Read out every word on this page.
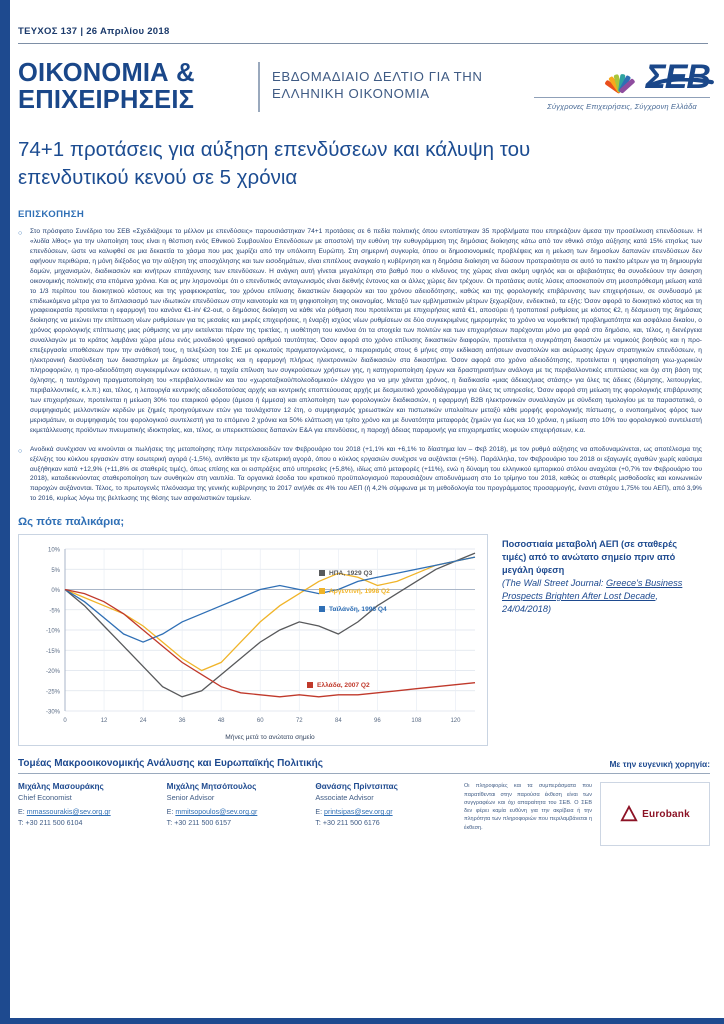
ΤΕΥΧΟΣ 137 | 26 Απριλίου 2018
ΟΙΚΟΝΟΜΙΑ & ΕΠΙΧΕΙΡΗΣΕΙΣ
ΕΒΔΟΜΑΔΙΑΙΟ ΔΕΛΤΙΟ ΓΙΑ ΤΗΝ ΕΛΛΗΝΙΚΗ ΟΙΚΟΝΟΜΙΑ	ΣΕΒ
Σύγχρονες Επιχειρήσεις, Σύγχρονη Ελλάδα
74+1 προτάσεις για αύξηση επενδύσεων και κάλυψη του επενδυτικού κενού σε 5 χρόνια
ΕΠΙΣΚΟΠΗΣΗ
○	Στο πρόσφατο Συνέδριο του ΣΕΒ «Σχεδιάζουμε το μέλλον με επενδύσεις» παρουσιάστηκαν 74+1 προτάσεις σε 6 πεδία πολιτικής όπου εντοπίστηκαν 35 προβλήματα που επηρεάζουν άμεσα την προσέλκυση επενδύσεων. Η «λυδία λίθος» για την υλοποίηση τους είναι η θέσπιση ενός Εθνικού Συμβουλίου Επενδύσεων με αποστολή την ευθύνη την ευθυγράμμιση της δημόσιας διοίκησης κάτω από τον εθνικό στόχο αύξησης κατά 15% ετησίως των επενδύσεων, ώστε να καλυφθεί σε μια δεκαετία το χάσμα που μας χωρίζει από την υπόλοιπη Ευρώπη. Στη σημερινή συγκυρία, όπου οι δημοσιονομικές προβλέψεις και η μείωση των δημοσίων δαπανών επενδύσεων δεν αφήνουν περιθώρια, η μόνη διέξοδος για την αύξηση της αποσχόλησης και των εισοδημάτων, είναι επιτέλους αναγκαίο η κυβέρνηση και η δημόσια διοίκηση να δώσουν προτεραιότητα σε αυτό το πακέτο μέτρων για τη δημιουργία δομών, μηχανισμών, διαδικασιών και κινήτρων επιτάχυνσης των επενδύσεων. Η ανάγκη αυτή γίνεται μεγαλύτερη στο βαθμό που ο κίνδυνος της χώρας είναι ακόμη υψηλός και οι αβεβαιότητες θα συνοδεύουν την άσκηση οικονομικής πολιτικής στα επόμενα χρόνια. Και ας μην λησμονούμε ότι ο επενδυτικός ανταγωνισμός είναι διεθνής έντονος και οι άλλες χώρες δεν τρέχουν. Οι προτάσεις αυτές λύσεις αποσκοπούν στη μεσοπρόθεσμη μείωση κατά το 1/3 περίπου του διοικητικού κόστους και της γραφειοκρατίας, του χρόνου επίλυσης δικαστικών διαφορών και του χρόνου αδειοδότησης, καθώς και της φορολογικής επιβάρυνσης των επιχειρήσεων, σε συνδυασμό με επιδιωκόμενα μέτρα για το διπλασιασμό των ιδιωτικών επενδύσεων στην καινοτομία και τη ψηφιοποίηση της οικονομίας. Μεταξύ των εμβληματικών μέτρων ξεχωρίζουν, ενδεικτικά, τα εξής: Όσον αφορά το διοικητικό κόστος και τη γραφειοκρατία προτείνεται η εφαρμογή του κανόνα €1-in/ €2-out, ο δημόσιος διοίκηση να κάθε νέα ρύθμιση που προτείνεται με επιχειρήσεις κατά €1, αποσύρει ή τροποποιεί ρυθμίσεις με κόστος €2, η δέσμευση της δημόσιας διοίκησης να μειώνει την επίπτωση νέων ρυθμίσεων για τις μεσαίες και μικρές επιχειρήσεις, η έναρξη ισχύος νέων ρυθμίσεων σε δύο συγκεκριμένες ημερομηνίες το χρόνο να νομοθετική προβληματότητα και ασφάλεια δικαίου, ο χρόνος φορολογικής επίπτωσης μιας ρύθμισης να μην εκτείνεται πέραν της τριετίας, η υιοθέτηση του κανόνα ότι τα στοιχεία των πολιτών και των επιχειρήσεων παρέχονται μόνο μια φορά στο δημόσιο, και, τέλος, η διενέργεια συναλλαγών με το κράτος λαμβάνει χώρα μέσω ενός μοναδικού ψηφιακού αριθμού ταυτότητας. Όσον αφορά στο χρόνο επίλυσης δικαστικών διαφορών, προτείνεται η συγκρότηση δικαστών με νομικούς βοηθούς και η προ-επεξεργασία υποθέσεων πριν την ανάθεσή τους, η τελεξιώση του ΣτΕ με ορκωτούς πραγματογνώμονες, ο περιορισμός στους 6 μήνες στην εκδίκαση αιτήσεων αναστολών και ακύρωσης έργων στρατηγικών επενδύσεων, η ηλεκτρονική διασύνδεση των δικαστηρίων με δημόσιες υπηρεσίες και η εφαρμογή πλήρως ηλεκτρονικών διαδικασιών στα δικαστήρια. Όσον αφορά στο χρόνο αδειοδότησης, προτείνεται η ψηφιοποίηση γεω-χωρικών πληροφοριών, η προ-αδειοδότηση συγκεκριμένων εκτάσεων, η ταχεία επίλυση των συγκρούσεων χρήσεων γης, η κατηγοριοποίηση έργων και δραστηριοτήτων ανάλογα με τις περιβαλλοντικές επιπτώσεις και όχι στη βάση της όχλησης, η ταυτόχρονη πραγματοποίηση του «περιβαλλοντικών και του «χωροταξικού/πολεοδομικού» ελέγχου για να μην χάνεται χρόνος, η διαδικασία «μιας άδειας/μιας στάσης» για όλες τις άδειες (δόμησης, λειτουργίας, περιβαλλοντικές, κ.λ.π.) και, τέλος, η λειτουργία κεντρικής αδειοδοτούσας αρχής και κεντρικής εποπτεύουσας αρχής με δεσμευτικό χρονοδιάγραμμα για όλες τις υπηρεσίες. Όσον αφορά στη μείωση της φορολογικής επιβάρυνσης των επιχειρήσεων, προτείνεται η μείωση 30% του εταιρικού φόρου (άμεσα ή έμμεσα) και απλοποίηση των φορολογικών διαδικασιών, η εφαρμογή B2B ηλεκτρονικών συναλλαγών με σύνδεση τιμολογίου με τα παραστατικά, ο συμψηφισμός μελλοντικών κερδών με ζημιές προηγούμενων ετών για τουλάχιστον 12 έτη, ο συμψηφισμός χρεωστικών και πιστωτικών υπολοίπων μεταξύ κάθε μορφής φορολογικής πίστωσης, ο ενοποιημένος φόρος των μερισμάτων, οι συμψηφισμός του φορολογικού συντελεστή για το επόμενο 2 χρόνια και 50% ελάττωση για τρίτο χρόνο και με δυνατότητα μεταφοράς ζημιών για έως και 10 χρόνια, η μείωση στο 10% του φορολογικού συντελεστή εκμετάλλευσης προϊόντων πνευματικής ιδιοκτησίας, και, τέλος, οι υπερεκπτώσεις δαπανών Ε&Α για επενδύσεις, η παροχή άδειας παραμονής για επιχειρηματίες νεοφυών επιχειρήσεων, κ.α.
○	Ανοδικά συνέχισαν να κινούνται οι πωλήσεις της μεταποίησης πλην πετρελαιοειδών τον Φεβρουάριο του 2018 (+1,1% και +6,1% το δίαστημα Ιαν – Φεβ 2018), με τον ρυθμό αύξησης να αποδυναμώνεται, ως αποτέλεσμα της εξέλιξης του κύκλου εργασιών στην εσωτερική αγορά (-1,5%), αντίθετα με την εξωτερική αγορά, όπου ο κύκλος εργασιών συνέχισε να αυξάνεται (+5%). Παράλληλα, τον Φεβρουάριο του 2018 οι εξαγωγές αγαθών χωρίς καύσιμα αυξήθηκαν κατά +12,9% (+11,8% σε σταθερές τιμές), όπως επίσης και οι εισπράξεις από υπηρεσίες (+5,8%), ιδίως από μεταφορές (+11%), ενώ η δύναμη του ελληνικού εμπορικού στόλου αναχώται (+0,7% τον Φεβρουάριο του 2018), καταδεικνύοντας σταθεροποίηση των συνθηκών στη ναυτιλία. Τα οργανικά έσοδα του κρατικού προϋπολογισμού παρουσιάζουν αποδυνάμωση στο 1ο τρίμηνο του 2018, καθώς οι σταθερές μισθοδοσίες και κοινωνικών παροχών αυξάνονται. Τέλος, το πρωτογενές πλεόνασμα της γενικής κυβέρνησης το 2017 ανήλθε σε 4% του ΑΕΠ (ή 4,2% σύμφωνα με τη μεθοδολογία του προγράμματος προσαρμογής, έναντι στόχου 1,75% του ΑΕΠ), από 3,9% το 2016, κυρίως λόγω της βελτίωσης της θέσης των ασφαλιστικών ταμείων.
Ως πότε παλικάρια;
10%
5%
0%
-5%
-10%
-15%
-20%
-25%
-30%
0	12	24	36	48	60	72	84	96	108	120
Μήνες μετά το ανώτατο σημείο
ΗΠΑ, 1929 Q3
Αργεντινή, 1998 Q2
Ταϊλάνδη, 1996 Q4
Ελλάδα, 2007 Q2
Ποσοστιαία μεταβολή ΑΕΠ (σε σταθερές τιμές) από το ανώτατο σημείο πριν από μεγάλη ύφεση
(The Wall Street Journal: Greece's Business Prospects Brighten After Lost Decade, 24/04/2018)
Τομέας Μακροοικονομικής Ανάλυσης και Ευρωπαϊκής Πολιτικής	Με την ευγενική χορηγία:
Μιχάλης Μασουράκης
Chief Economist
E: mmassourakis@sev.org.gr
T: +30 211 500 6104
Μιχάλης Μητσόπουλος
Senior Advisor
E: mmitsopoulos@sev.org.gr
T: +30 211 500 6157
Θανάσης Πρίντσιπας
Associate Advisor
E: printsipas@sev.org.gr
T: +30 211 500 6176
Οι πληροφορίες και τα συμπεράσματα που παρατίθενται στην παρούσα έκθεση είναι των συγγραφέων και όχι απαραίτητα του ΣΕΒ. Ο ΣΕΒ δεν φέρει καμία ευθύνη για την ακρίβεια ή την πληρότητα των πληροφοριών που περιλαμβάνεται η έκθεση.
Eurobank
